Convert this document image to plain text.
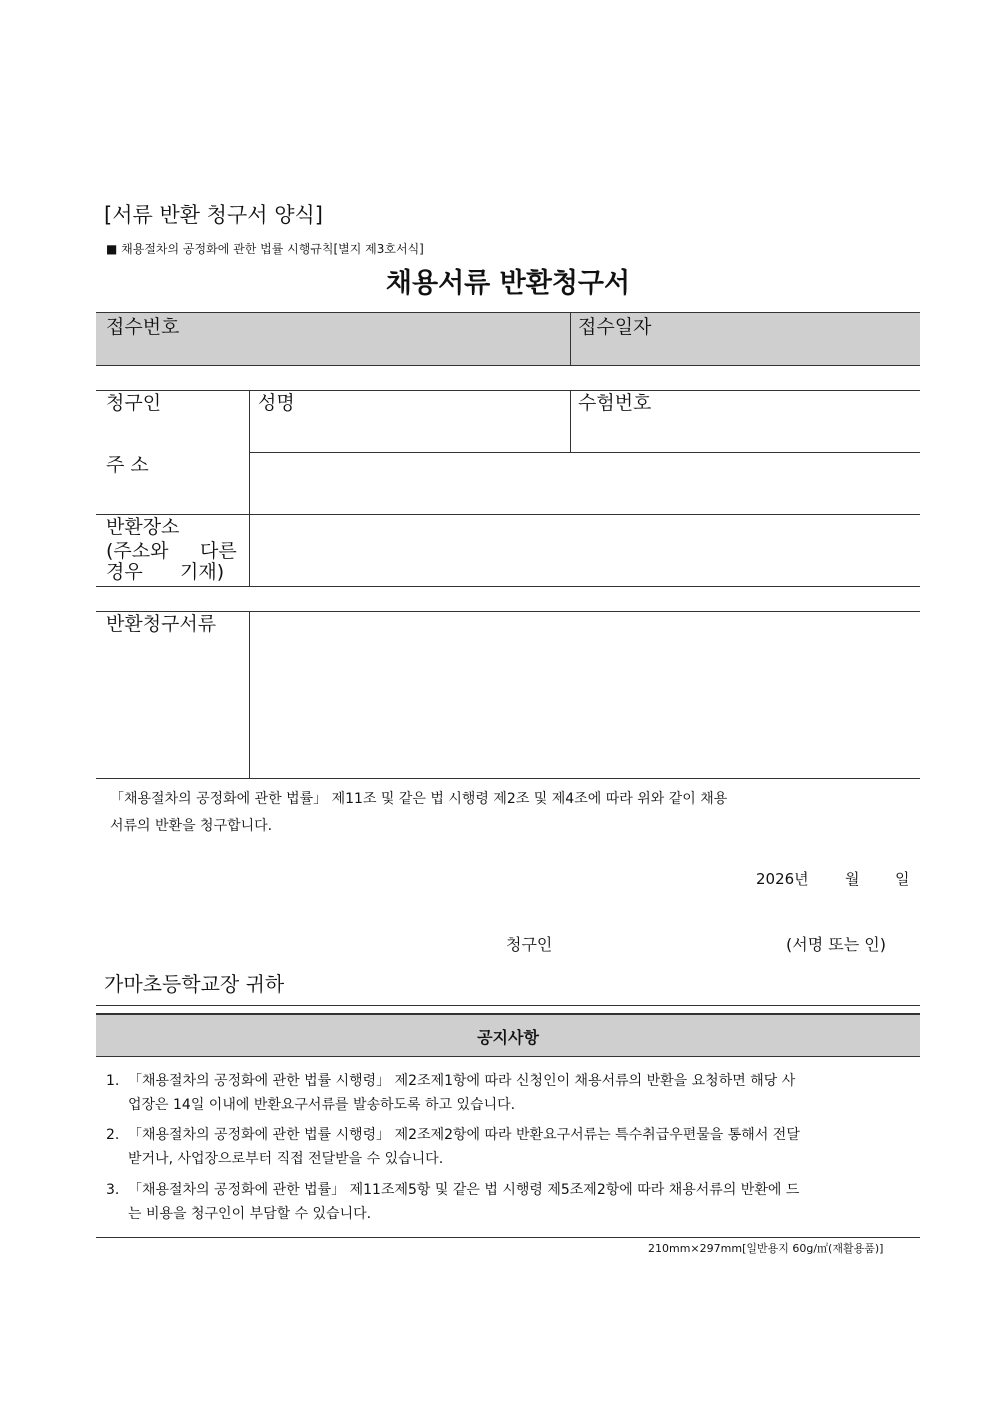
[서류 반환 청구서 양식]
■ 채용절차의 공정화에 관한 법률 시행규칙[별지 제3호서식]
채용서류 반환청구서
접수번호	접수일자
청구인	성명	수험번호
주 소
반환장소
(주소와 다른
경우 기재)
반환청구서류
「채용절차의 공정화에 관한 법률」 제11조 및 같은 법 시행령 제2조 및 제4조에 따라 위와 같이 채용
서류의 반환을 청구합니다.
2026년 월 일
청구인	(서명 또는 인)
가마초등학교장 귀하
공지사항
1. 「채용절차의 공정화에 관한 법률 시행령」 제2조제1항에 따라 신청인이 채용서류의 반환을 요청하면 해당 사
업장은 14일 이내에 반환요구서류를 발송하도록 하고 있습니다.
2. 「채용절차의 공정화에 관한 법률 시행령」 제2조제2항에 따라 반환요구서류는 특수취급우편물을 통해서 전달
받거나, 사업장으로부터 직접 전달받을 수 있습니다.
3. 「채용절차의 공정화에 관한 법률」 제11조제5항 및 같은 법 시행령 제5조제2항에 따라 채용서류의 반환에 드
는 비용을 청구인이 부담할 수 있습니다.
210mm×297mm[일반용지 60g/㎡(재활용품)]
